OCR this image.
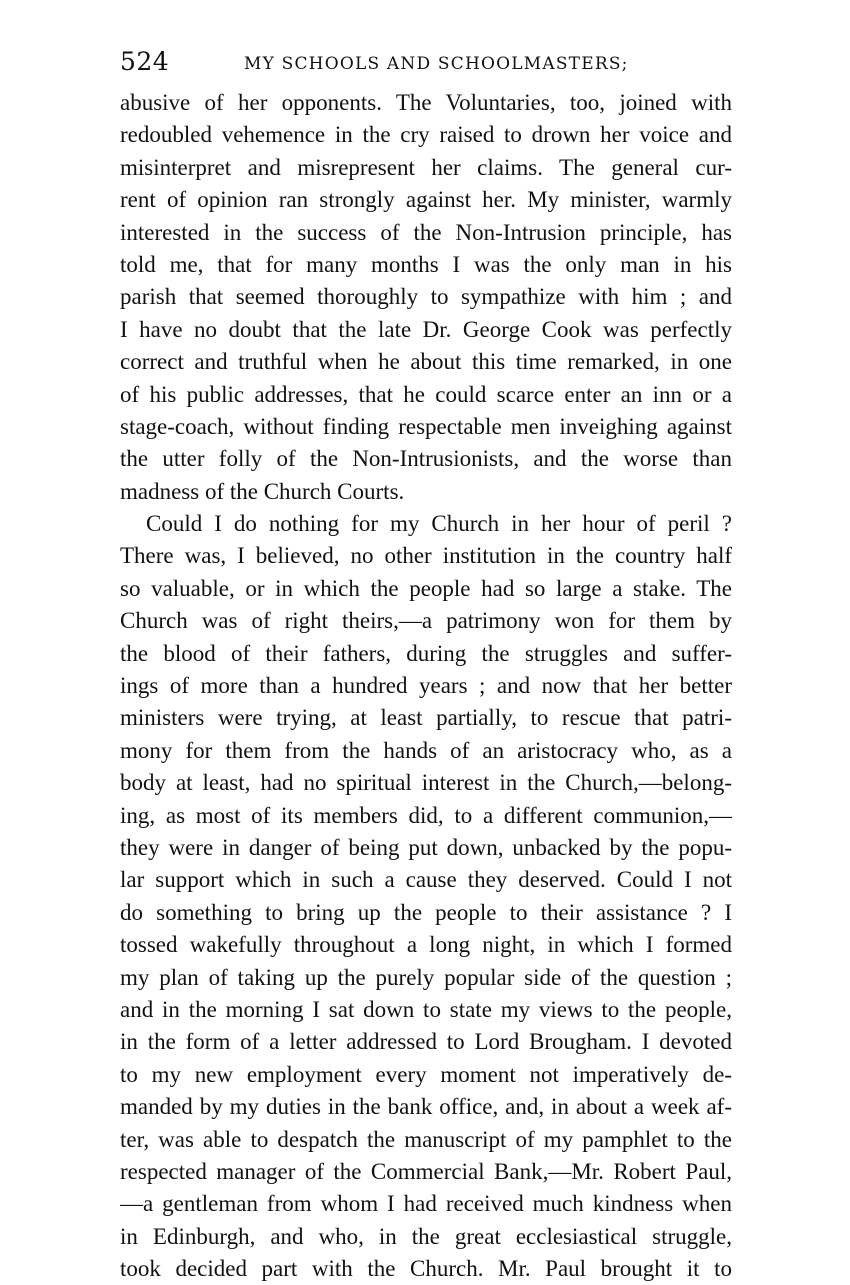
524	MY SCHOOLS AND SCHOOLMASTERS;
abusive of her opponents. The Voluntaries, too, joined with
redoubled vehemence in the cry raised to drown her voice and
misinterpret and misrepresent her claims. The general cur-
rent of opinion ran strongly against her. My minister, warmly
interested in the success of the Non-Intrusion principle, has
told me, that for many months I was the only man in his
parish that seemed thoroughly to sympathize with him ; and
I have no doubt that the late Dr. George Cook was perfectly
correct and truthful when he about this time remarked, in one
of his public addresses, that he could scarce enter an inn or a
stage-coach, without finding respectable men inveighing against
the utter folly of the Non-Intrusionists, and the worse than
madness of the Church Courts.
Could I do nothing for my Church in her hour of peril ?
There was, I believed, no other institution in the country half
so valuable, or in which the people had so large a stake. The
Church was of right theirs,—a patrimony won for them by
the blood of their fathers, during the struggles and suffer-
ings of more than a hundred years ; and now that her better
ministers were trying, at least partially, to rescue that patri-
mony for them from the hands of an aristocracy who, as a
body at least, had no spiritual interest in the Church,—belong-
ing, as most of its members did, to a different communion,—
they were in danger of being put down, unbacked by the popu-
lar support which in such a cause they deserved. Could I not
do something to bring up the people to their assistance ? I
tossed wakefully throughout a long night, in which I formed
my plan of taking up the purely popular side of the question ;
and in the morning I sat down to state my views to the people,
in the form of a letter addressed to Lord Brougham. I devoted
to my new employment every moment not imperatively de-
manded by my duties in the bank office, and, in about a week af-
ter, was able to despatch the manuscript of my pamphlet to the
respected manager of the Commercial Bank,—Mr. Robert Paul,
—a gentleman from whom I had received much kindness when
in Edinburgh, and who, in the great ecclesiastical struggle,
took decided part with the Church. Mr. Paul brought it to
